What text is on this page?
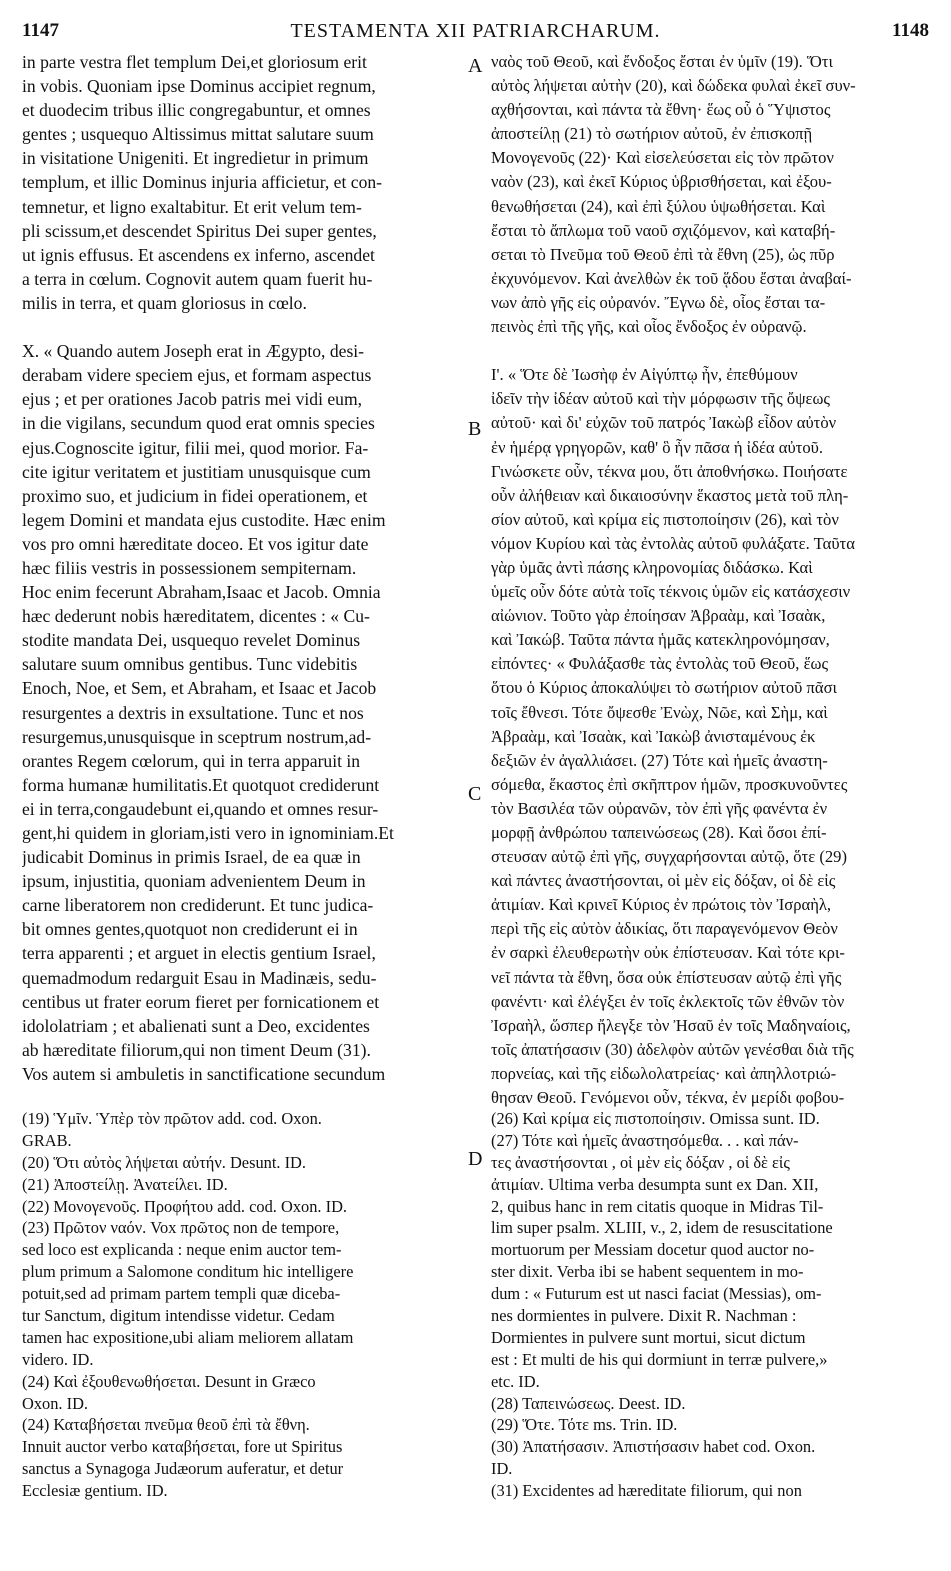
1147	TESTAMENTA XII PATRIARCHARUM.	1148
A
B
C
D
in parte vestra flet templum Dei,et gloriosum erit
in vobis. Quoniam ipse Dominus accipiet regnum,
et duodecim tribus illic congregabuntur, et omnes
gentes ; usquequo Altissimus mittat salutare suum
in visitatione Unigeniti. Et ingredietur in primum
templum, et illic Dominus injuria afficietur, et con-
temnetur, et ligno exaltabitur. Et erit velum tem-
pli scissum,et descendet Spiritus Dei super gentes,
ut ignis effusus. Et ascendens ex inferno, ascendet
a terra in cœlum. Cognovit autem quam fuerit hu-
milis in terra, et quam gloriosus in cœlo.
X. « Quando autem Joseph erat in Ægypto, desi-
derabam videre speciem ejus, et formam aspectus
ejus ; et per orationes Jacob patris mei vidi eum,
in die vigilans, secundum quod erat omnis species
ejus.Cognoscite igitur, filii mei, quod morior. Fa-
cite igitur veritatem et justitiam unusquisque cum
proximo suo, et judicium in fidei operationem, et
legem Domini et mandata ejus custodite. Hæc enim
vos pro omni hæreditate doceo. Et vos igitur date
hæc filiis vestris in possessionem sempiternam.
Hoc enim fecerunt Abraham,Isaac et Jacob. Omnia
hæc dederunt nobis hæreditatem, dicentes : « Cu-
stodite mandata Dei, usquequo revelet Dominus
salutare suum omnibus gentibus. Tunc videbitis
Enoch, Noe, et Sem, et Abraham, et Isaac et Jacob
resurgentes a dextris in exsultatione. Tunc et nos
resurgemus,unusquisque in sceptrum nostrum,ad-
orantes Regem cœlorum, qui in terra apparuit in
forma humanæ humilitatis.Et quotquot crediderunt
ei in terra,congaudebunt ei,quando et omnes resur-
gent,hi quidem in gloriam,isti vero in ignominiam.Et
judicabit Dominus in primis Israel, de ea quæ in
ipsum, injustitia, quoniam advenientem Deum in
carne liberatorem non crediderunt. Et tunc judica-
bit omnes gentes,quotquot non crediderunt ei in
terra apparenti ; et arguet in electis gentium Israel,
quemadmodum redarguit Esau in Madinæis, sedu-
centibus ut frater eorum fieret per fornicationem et
idololatriam ; et abalienati sunt a Deo, excidentes
ab hæreditate filiorum,qui non timent Deum (31).
Vos autem si ambuletis in sanctificatione secundum
ναὸς τοῦ Θεοῦ, καὶ ἔνδοξος ἔσται ἐν ὑμῖν (19). Ὅτι
αὐτὸς λήψεται αὐτὴν (20), καὶ δώδεκα φυλαὶ ἐκεῖ συν-
αχθήσονται, καὶ πάντα τὰ ἔθνη· ἕως οὗ ὁ Ὕψιστος
ἀποστείλῃ (21) τὸ σωτήριον αὐτοῦ, ἐν ἐπισκοπῇ
Μονογενοῦς (22)· Καὶ εἰσελεύσεται εἰς τὸν πρῶτον
ναὸν (23), καὶ ἐκεῖ Κύριος ὑβρισθήσεται, καὶ ἐξου-
θενωθήσεται (24), καὶ ἐπὶ ξύλου ὑψωθήσεται. Καὶ
ἔσται τὸ ἄπλωμα τοῦ ναοῦ σχιζόμενον, καὶ καταβή-
σεται τὸ Πνεῦμα τοῦ Θεοῦ ἐπὶ τὰ ἔθνη (25), ὡς πῦρ
ἐκχυνόμενον. Καὶ ἀνελθὼν ἐκ τοῦ ᾅδου ἔσται ἀναβαί-
νων ἀπὸ γῆς εἰς οὐρανόν. Ἔγνω δὲ, οἷος ἔσται τα-
πεινὸς ἐπὶ τῆς γῆς, καὶ οἷος ἔνδοξος ἐν οὐρανῷ.
Ι'. « Ὅτε δὲ Ἰωσὴφ ἐν Αἰγύπτῳ ἦν, ἐπεθύμουν
ἰδεῖν τὴν ἰδέαν αὐτοῦ καὶ τὴν μόρφωσιν τῆς ὄψεως
αὐτοῦ· καὶ δι' εὐχῶν τοῦ πατρός Ἰακὼβ εἶδον αὐτὸν
ἐν ἡμέρᾳ γρηγορῶν, καθ' ὃ ἦν πᾶσα ἡ ἰδέα αὐτοῦ.
Γινώσκετε οὖν, τέκνα μου, ὅτι ἀποθνήσκω. Ποιήσατε
οὖν ἀλήθειαν καὶ δικαιοσύνην ἕκαστος μετὰ τοῦ πλη-
σίον αὐτοῦ, καὶ κρίμα εἰς πιστοποίησιν (26), καὶ τὸν
νόμον Κυρίου καὶ τὰς ἐντολὰς αὐτοῦ φυλάξατε. Ταῦτα
γὰρ ὑμᾶς ἀντὶ πάσης κληρονομίας διδάσκω. Καὶ
ὑμεῖς οὖν δότε αὐτὰ τοῖς τέκνοις ὑμῶν εἰς κατάσχεσιν
αἰώνιον. Τοῦτο γὰρ ἐποίησαν Ἀβραὰμ, καὶ Ἰσαὰκ,
καὶ Ἰακώβ. Ταῦτα πάντα ἡμᾶς κατεκληρονόμησαν,
εἰπόντες· « Φυλάξασθε τὰς ἐντολὰς τοῦ Θεοῦ, ἕως
ὅτου ὁ Κύριος ἀποκαλύψει τὸ σωτήριον αὐτοῦ πᾶσι
τοῖς ἔθνεσι. Τότε ὄψεσθε Ἐνὼχ, Νῶε, καὶ Σὴμ, καὶ
Ἀβραὰμ, καὶ Ἰσαὰκ, καὶ Ἰακὼβ ἀνισταμένους ἐκ
δεξιῶν ἐν ἀγαλλιάσει. (27) Τότε καὶ ἡμεῖς ἀναστη-
σόμεθα, ἕκαστος ἐπὶ σκῆπτρον ἡμῶν, προσκυνοῦντες
τὸν Βασιλέα τῶν οὐρανῶν, τὸν ἐπὶ γῆς φανέντα ἐν
μορφῇ ἀνθρώπου ταπεινώσεως (28). Καὶ ὅσοι ἐπί-
στευσαν αὐτῷ ἐπὶ γῆς, συγχαρήσονται αὐτῷ, ὅτε (29)
καὶ πάντες ἀναστήσονται, οἱ μὲν εἰς δόξαν, οἱ δὲ εἰς
ἀτιμίαν. Καὶ κρινεῖ Κύριος ἐν πρώτοις τὸν Ἰσραὴλ,
περὶ τῆς εἰς αὐτὸν ἀδικίας, ὅτι παραγενόμενον Θεὸν
ἐν σαρκὶ ἐλευθερωτὴν οὐκ ἐπίστευσαν. Καὶ τότε κρι-
νεῖ πάντα τὰ ἔθνη, ὅσα οὐκ ἐπίστευσαν αὐτῷ ἐπὶ γῆς
φανέντι· καὶ ἐλέγξει ἐν τοῖς ἐκλεκτοῖς τῶν ἐθνῶν τὸν
Ἰσραὴλ, ὥσπερ ἤλεγξε τὸν Ἠσαῦ ἐν τοῖς Μαδηναίοις,
τοῖς ἀπατήσασιν (30) ἀδελφὸν αὐτῶν γενέσθαι διὰ τῆς
πορνείας, καὶ τῆς εἰδωλολατρείας· καὶ ἀπηλλοτριώ-
θησαν Θεοῦ. Γενόμενοι οὖν, τέκνα, ἐν μερίδι φοβου-
(19) Ὑμῖν. Ὑπὲρ τὸν πρῶτον add. cod. Oxon.
GRAB.
(20) Ὅτι αὐτὸς λήψεται αὐτήν. Desunt. ID.
(21) Ἀποστείλῃ. Ἀνατείλει. ID.
(22) Μονογενοῦς. Προφήτου add. cod. Oxon. ID.
(23) Πρῶτον ναόν. Vox πρῶτος non de tempore,
sed loco est explicanda : neque enim auctor tem-
plum primum a Salomone conditum hic intelligere
potuit,sed ad primam partem templi quæ diceba-
tur Sanctum, digitum intendisse videtur. Cedam
tamen hac expositione,ubi aliam meliorem allatam
videro. ID.
(24) Καὶ ἐξουθενωθήσεται. Desunt in Græco
Oxon. ID.
(24) Καταβήσεται πνεῦμα θεοῦ ἐπὶ τὰ ἔθνη.
Innuit auctor verbo καταβήσεται, fore ut Spiritus
sanctus a Synagoga Judæorum auferatur, et detur
Ecclesiæ gentium. ID.
(26) Καὶ κρίμα εἰς πιστοποίησιν. Omissa sunt. ID.
(27) Τότε καὶ ἡμεῖς ἀναστησόμεθα. . . καὶ πάν-
τες ἀναστήσονται , οἱ μὲν εἰς δόξαν , οἱ δὲ εἰς
ἀτιμίαν. Ultima verba desumpta sunt ex Dan. XII,
2, quibus hanc in rem citatis quoque in Midras Til-
lim super psalm. XLIII, v., 2, idem de resuscitatione
mortuorum per Messiam docetur quod auctor no-
ster dixit. Verba ibi se habent sequentem in mo-
dum : « Futurum est ut nasci faciat (Messias), om-
nes dormientes in pulvere. Dixit R. Nachman :
Dormientes in pulvere sunt mortui, sicut dictum
est : Et multi de his qui dormiunt in terræ pulvere,»
etc. ID.
(28) Ταπεινώσεως. Deest. ID.
(29) Ὅτε. Τότε ms. Trin. ID.
(30) Ἀπατήσασιν. Ἀπιστήσασιν habet cod. Oxon.
ID.
(31) Excidentes ad hæreditate filiorum, qui non
